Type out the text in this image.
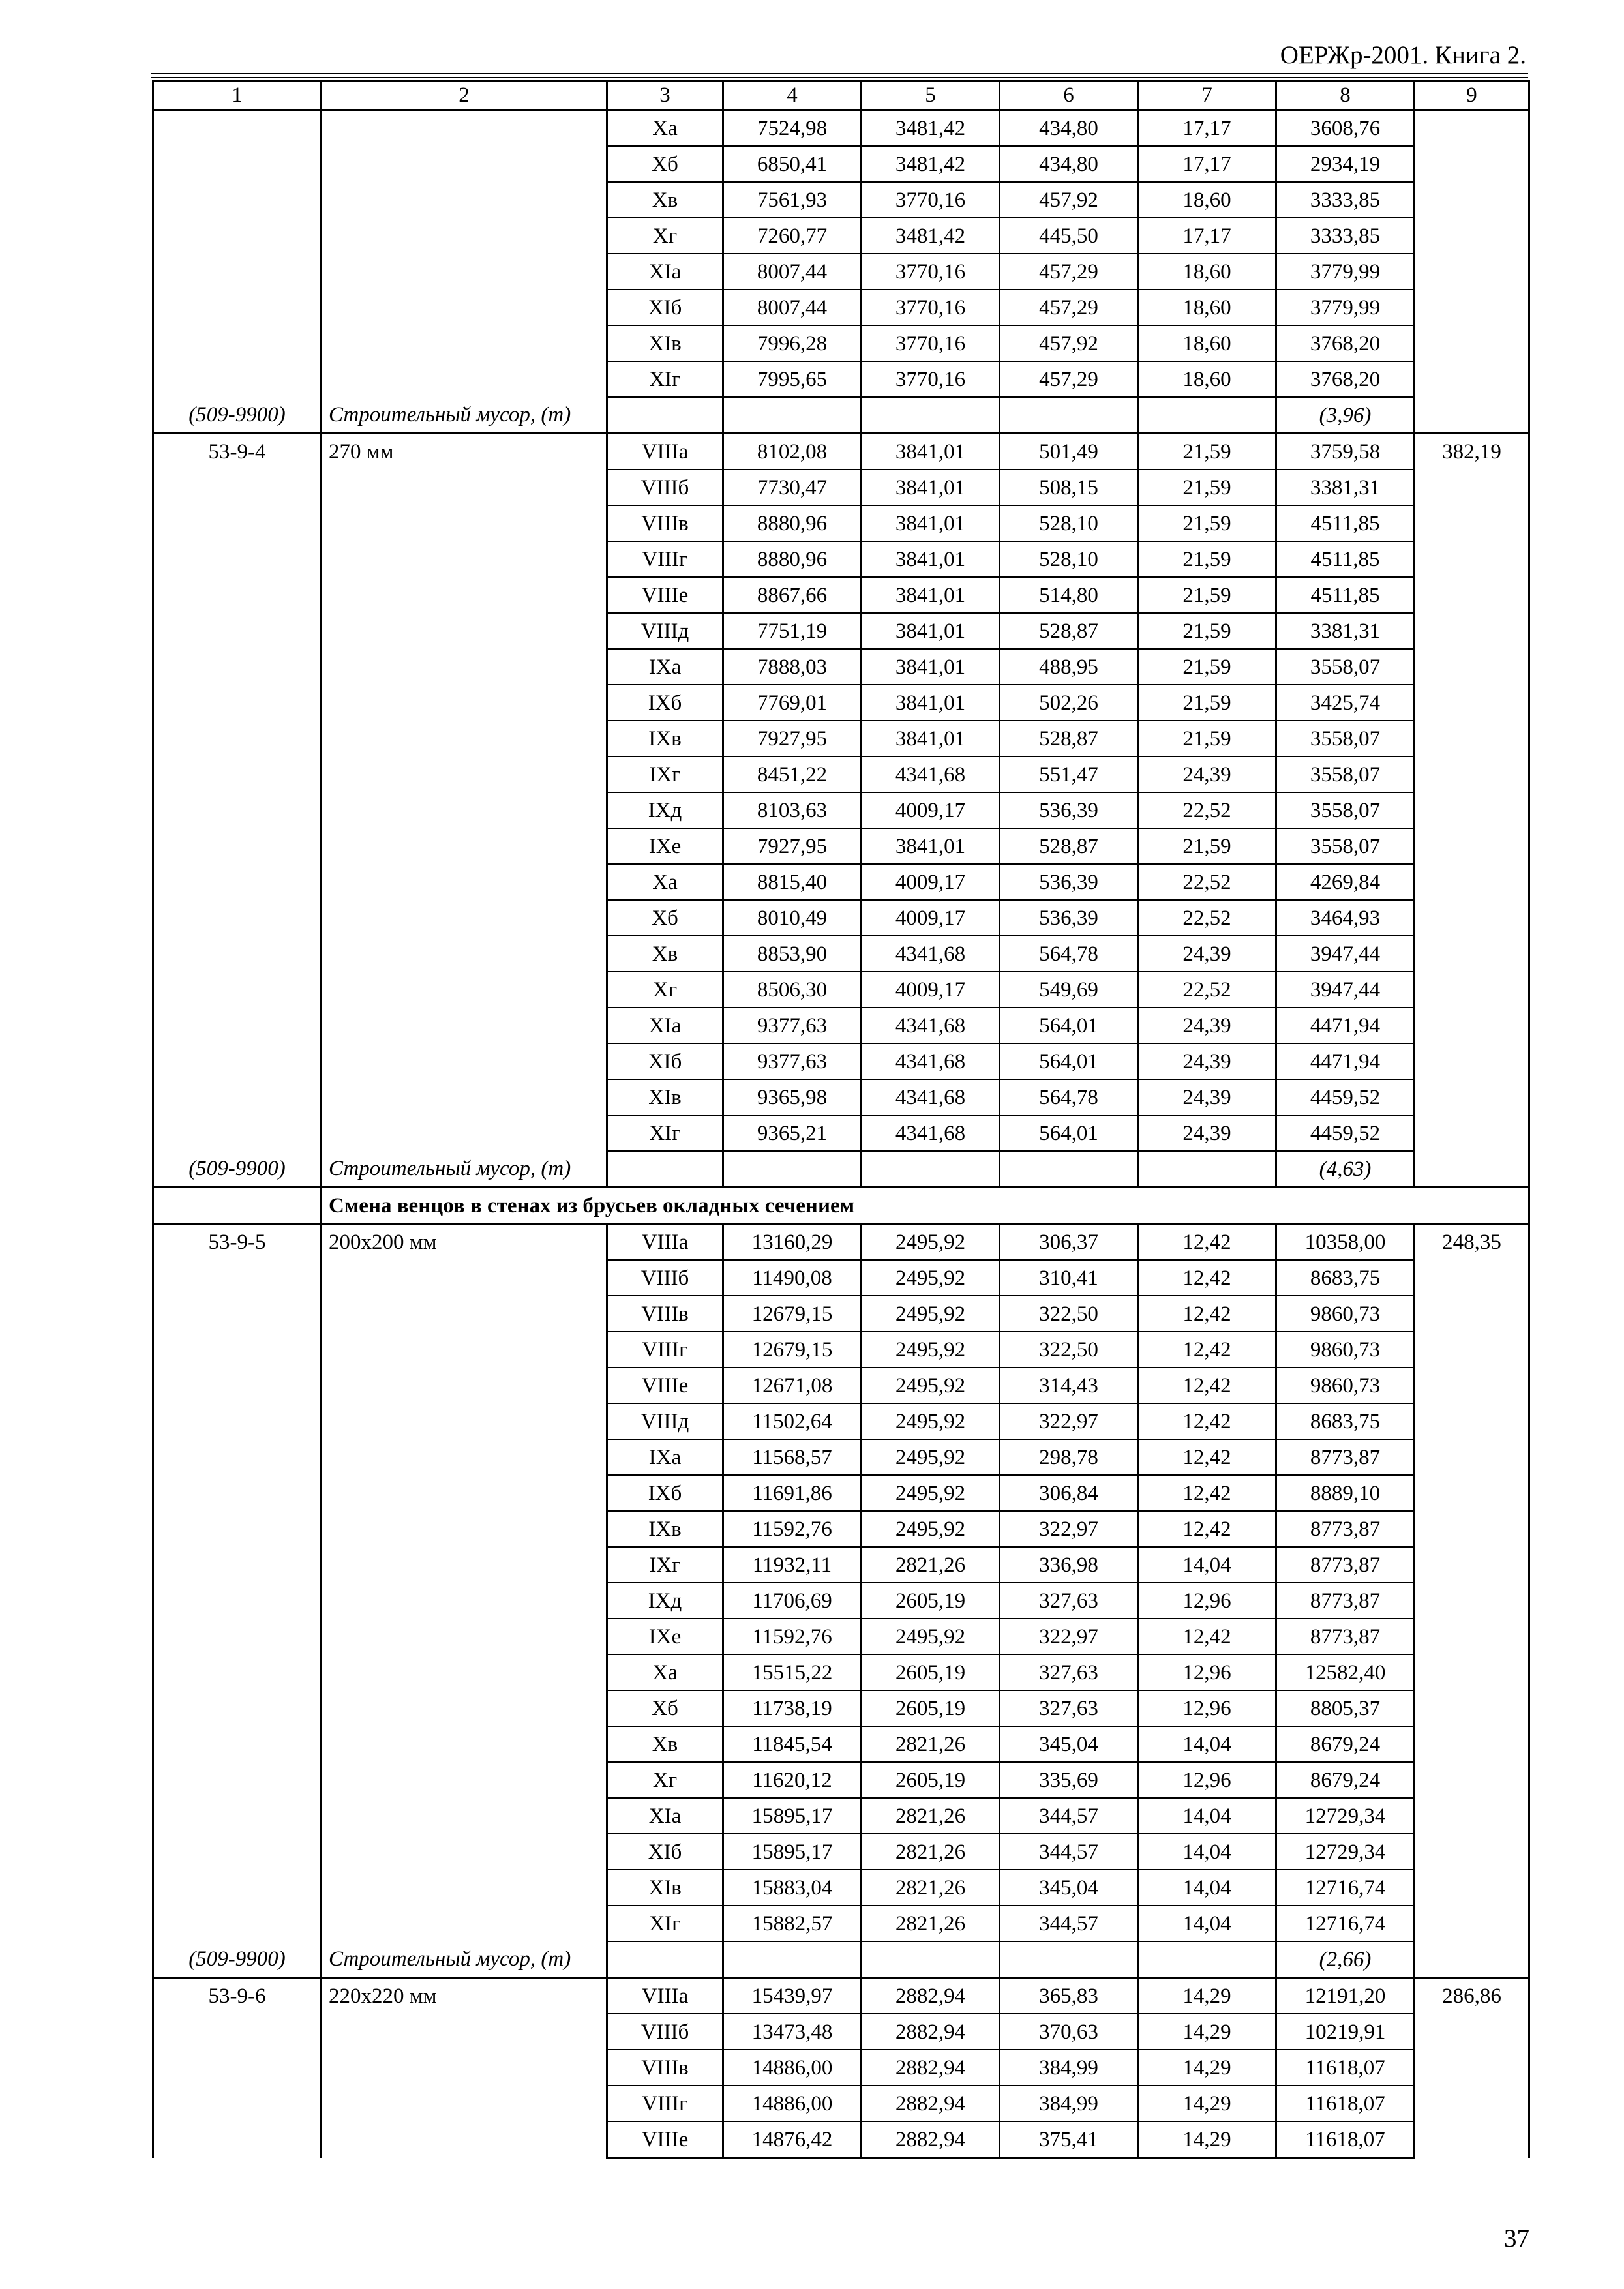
ОЕРЖр-2001. Книга 2.
1	2	3	4	5	6	7	8	9
		Xа	7524,98	3481,42	434,80	17,17	3608,76	
		Xб	6850,41	3481,42	434,80	17,17	2934,19	
		Xв	7561,93	3770,16	457,92	18,60	3333,85	
		Xг	7260,77	3481,42	445,50	17,17	3333,85	
		XIа	8007,44	3770,16	457,29	18,60	3779,99	
		XIб	8007,44	3770,16	457,29	18,60	3779,99	
		XIв	7996,28	3770,16	457,92	18,60	3768,20	
		XIг	7995,65	3770,16	457,29	18,60	3768,20	
(509-9900)	Строительный мусор, (т)						(3,96)	
53-9-4	270 мм	VIIIа	8102,08	3841,01	501,49	21,59	3759,58	382,19
		VIIIб	7730,47	3841,01	508,15	21,59	3381,31	
		VIIIв	8880,96	3841,01	528,10	21,59	4511,85	
		VIIIг	8880,96	3841,01	528,10	21,59	4511,85	
		VIIIе	8867,66	3841,01	514,80	21,59	4511,85	
		VIIIд	7751,19	3841,01	528,87	21,59	3381,31	
		IXа	7888,03	3841,01	488,95	21,59	3558,07	
		IXб	7769,01	3841,01	502,26	21,59	3425,74	
		IXв	7927,95	3841,01	528,87	21,59	3558,07	
		IXг	8451,22	4341,68	551,47	24,39	3558,07	
		IXд	8103,63	4009,17	536,39	22,52	3558,07	
		IXе	7927,95	3841,01	528,87	21,59	3558,07	
		Xа	8815,40	4009,17	536,39	22,52	4269,84	
		Xб	8010,49	4009,17	536,39	22,52	3464,93	
		Xв	8853,90	4341,68	564,78	24,39	3947,44	
		Xг	8506,30	4009,17	549,69	22,52	3947,44	
		XIа	9377,63	4341,68	564,01	24,39	4471,94	
		XIб	9377,63	4341,68	564,01	24,39	4471,94	
		XIв	9365,98	4341,68	564,78	24,39	4459,52	
		XIг	9365,21	4341,68	564,01	24,39	4459,52	
(509-9900)	Строительный мусор, (т)						(4,63)	
	Смена венцов в стенах из брусьев окладных сечением							
53-9-5	200х200 мм	VIIIа	13160,29	2495,92	306,37	12,42	10358,00	248,35
		VIIIб	11490,08	2495,92	310,41	12,42	8683,75	
		VIIIв	12679,15	2495,92	322,50	12,42	9860,73	
		VIIIг	12679,15	2495,92	322,50	12,42	9860,73	
		VIIIе	12671,08	2495,92	314,43	12,42	9860,73	
		VIIIд	11502,64	2495,92	322,97	12,42	8683,75	
		IXа	11568,57	2495,92	298,78	12,42	8773,87	
		IXб	11691,86	2495,92	306,84	12,42	8889,10	
		IXв	11592,76	2495,92	322,97	12,42	8773,87	
		IXг	11932,11	2821,26	336,98	14,04	8773,87	
		IXд	11706,69	2605,19	327,63	12,96	8773,87	
		IXе	11592,76	2495,92	322,97	12,42	8773,87	
		Xа	15515,22	2605,19	327,63	12,96	12582,40	
		Xб	11738,19	2605,19	327,63	12,96	8805,37	
		Xв	11845,54	2821,26	345,04	14,04	8679,24	
		Xг	11620,12	2605,19	335,69	12,96	8679,24	
		XIа	15895,17	2821,26	344,57	14,04	12729,34	
		XIб	15895,17	2821,26	344,57	14,04	12729,34	
		XIв	15883,04	2821,26	345,04	14,04	12716,74	
		XIг	15882,57	2821,26	344,57	14,04	12716,74	
(509-9900)	Строительный мусор, (т)						(2,66)	
53-9-6	220х220 мм	VIIIа	15439,97	2882,94	365,83	14,29	12191,20	286,86
		VIIIб	13473,48	2882,94	370,63	14,29	10219,91	
		VIIIв	14886,00	2882,94	384,99	14,29	11618,07	
		VIIIг	14886,00	2882,94	384,99	14,29	11618,07	
		VIIIе	14876,42	2882,94	375,41	14,29	11618,07	
37
